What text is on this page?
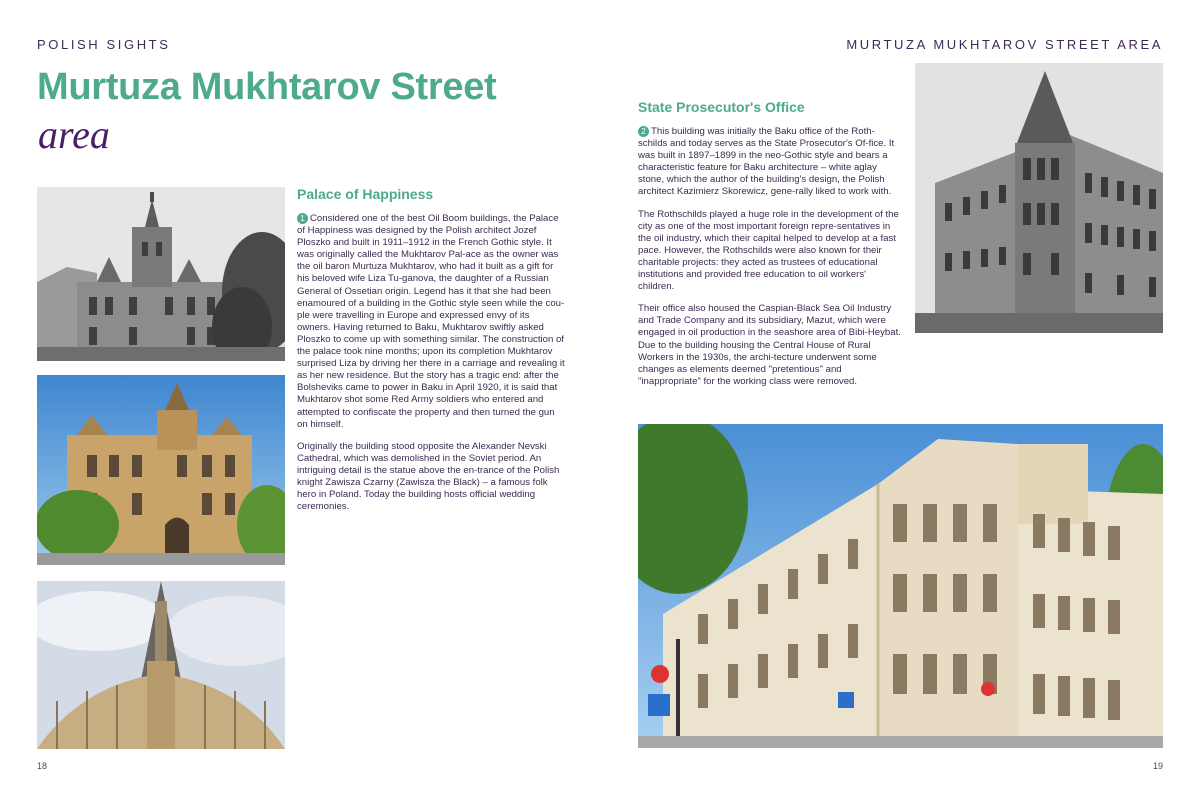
POLISH SIGHTS	MURTUZA MUKHTAROV STREET AREA
Murtuza Mukhtarov Street
area
Palace of Happiness

1 Considered one of the best Oil Boom buildings, the Palace of Happiness was designed by the Polish architect Jozef Ploszko and built in 1911–1912 in the French Gothic style. It was originally called the Mukhtarov Pal-ace as the owner was the oil baron Murtuza Mukhtarov, who had it built as a gift for his beloved wife Liza Tu-ganova, the daughter of a Russian General of Ossetian origin. Legend has it that she had been enamoured of a building in the Gothic style seen while the cou-ple were travelling in Europe and expressed envy of its owners. Having returned to Baku, Mukhtarov swiftly asked Ploszko to come up with something similar. The construction of the palace took nine months; upon its completion Mukhtarov surprised Liza by driving her there in a carriage and revealing it as her new residence. But the story has a tragic end: after the Bolsheviks came to power in Baku in April 1920, it is said that Mukhtarov shot some Red Army soldiers who entered and attempted to confiscate the property and then turned the gun on himself.

Originally the building stood opposite the Alexander Nevski Cathedral, which was demolished in the Soviet period. An intriguing detail is the statue above the en-trance of the Polish knight Zawisza Czarny (Zawisza the Black) – a famous folk hero in Poland. Today the building hosts official wedding ceremonies.

State Prosecutor's Office

2 This building was initially the Baku office of the Roth-schilds and today serves as the State Prosecutor's Of-fice. It was built in 1897–1899 in the neo-Gothic style and bears a characteristic feature for Baku architecture – white aglay stone, which the author of the building's design, the Polish architect Kazimierz Skorewicz, gene-rally liked to work with.

The Rothschilds played a huge role in the development of the city as one of the most important foreign repre-sentatives in the oil industry, which their capital helped to develop at a fast pace. However, the Rothschilds were also known for their charitable projects: they acted as trustees of educational institutions and provided free education to oil workers' children.

Their office also housed the Caspian-Black Sea Oil Industry and Trade Company and its subsidiary, Mazut, which were engaged in oil production in the seashore area of Bibi-Heybat. Due to the building housing the Central House of Rural Workers in the 1930s, the archi-tecture underwent some changes as elements deemed "pretentious" and "inappropriate" for the working class were removed.

18	19
